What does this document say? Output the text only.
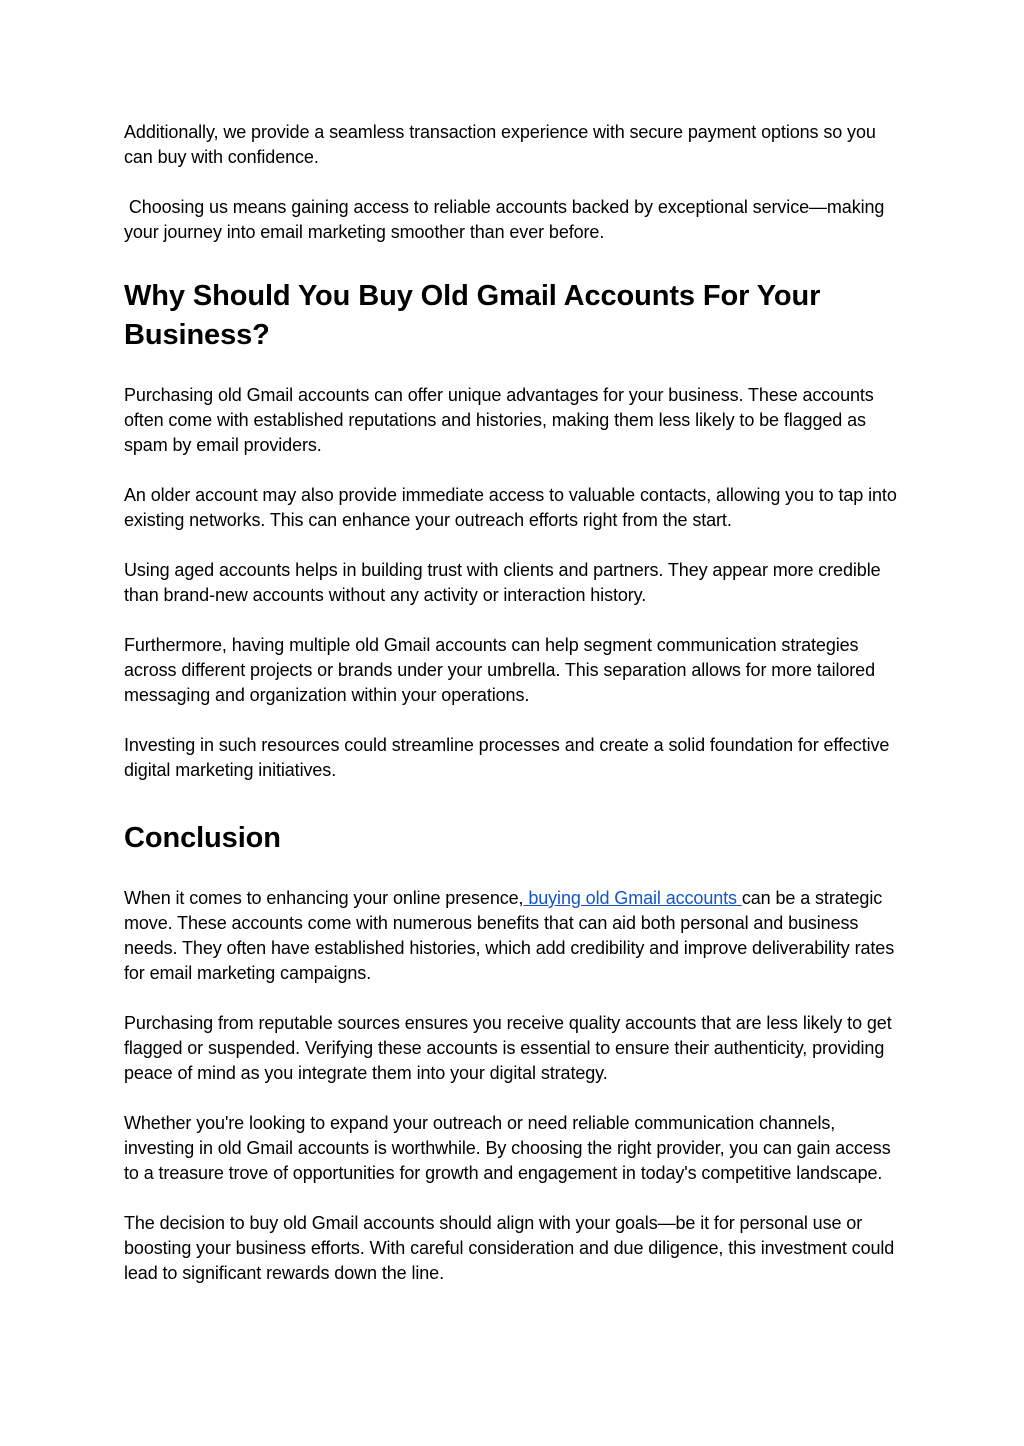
Additionally, we provide a seamless transaction experience with secure payment options so you can buy with confidence.

Choosing us means gaining access to reliable accounts backed by exceptional service—making your journey into email marketing smoother than ever before.

Why Should You Buy Old Gmail Accounts For Your Business?

Purchasing old Gmail accounts can offer unique advantages for your business. These accounts often come with established reputations and histories, making them less likely to be flagged as spam by email providers.

An older account may also provide immediate access to valuable contacts, allowing you to tap into existing networks. This can enhance your outreach efforts right from the start.

Using aged accounts helps in building trust with clients and partners. They appear more credible than brand-new accounts without any activity or interaction history.

Furthermore, having multiple old Gmail accounts can help segment communication strategies across different projects or brands under your umbrella. This separation allows for more tailored messaging and organization within your operations.

Investing in such resources could streamline processes and create a solid foundation for effective digital marketing initiatives.

Conclusion

When it comes to enhancing your online presence, buying old Gmail accounts can be a strategic move. These accounts come with numerous benefits that can aid both personal and business needs. They often have established histories, which add credibility and improve deliverability rates for email marketing campaigns.

Purchasing from reputable sources ensures you receive quality accounts that are less likely to get flagged or suspended. Verifying these accounts is essential to ensure their authenticity, providing peace of mind as you integrate them into your digital strategy.

Whether you're looking to expand your outreach or need reliable communication channels, investing in old Gmail accounts is worthwhile. By choosing the right provider, you can gain access to a treasure trove of opportunities for growth and engagement in today's competitive landscape.

The decision to buy old Gmail accounts should align with your goals—be it for personal use or boosting your business efforts. With careful consideration and due diligence, this investment could lead to significant rewards down the line.
